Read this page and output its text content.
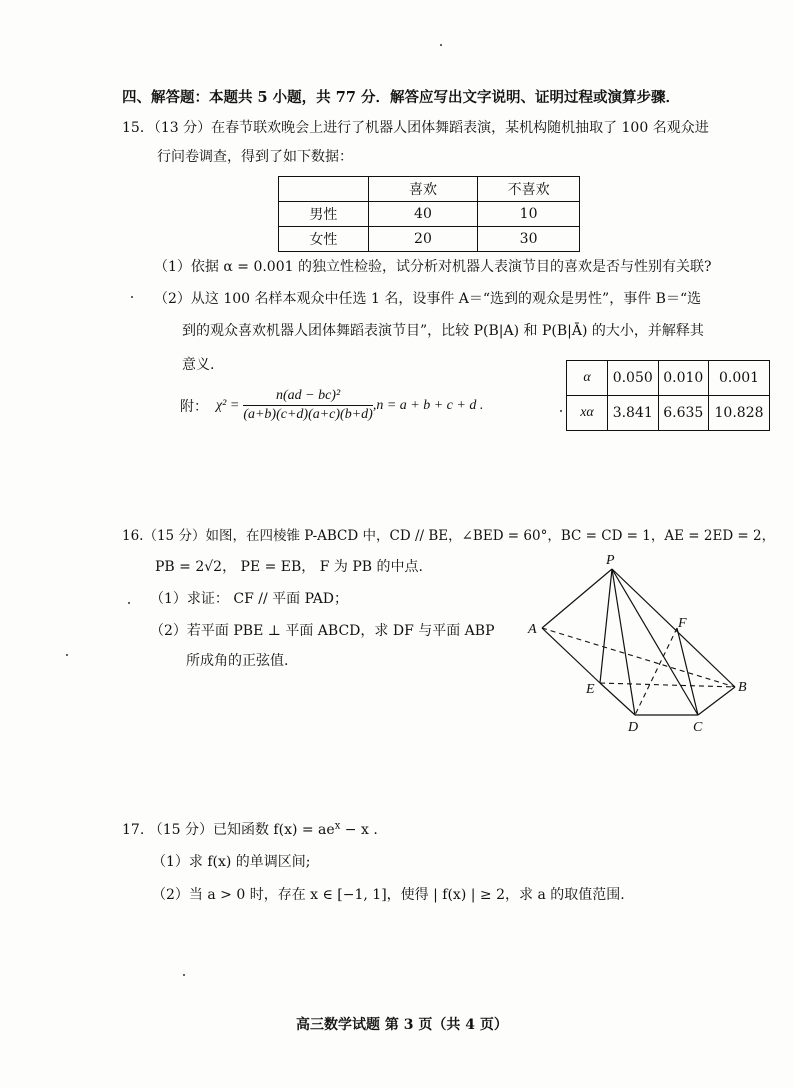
四、解答题：本题共 5 小题，共 77 分．解答应写出文字说明、证明过程或演算步骤．
15．（13 分）在春节联欢晚会上进行了机器人团体舞蹈表演，某机构随机抽取了 100 名观众进
行问卷调查，得到了如下数据：
	喜欢	不喜欢
男性	40	10
女性	20	30
（1）依据 α = 0.001 的独立性检验，试分析对机器人表演节目的喜欢是否与性别有关联?
（2）从这 100 名样本观众中任选 1 名，设事件 A＝“选到的观众是男性”，事件 B＝“选
到的观众喜欢机器人团体舞蹈表演节目”，比较 P(B|A) 和 P(B|Ā) 的大小，并解释其
意义.
附： $\chi^2 = \frac{\text{n(ad − bc)²}}{(a+b)(c+d)(a+c)(b+d)} ,n = a + b + c + d$ .
α	0.050	0.010	0.001
xα	3.841	6.635	10.828
16.（15 分）如图，在四棱锥 P-ABCD 中，CD // BE，∠BED = 60°，BC = CD = 1，AE = 2ED = 2，
PB = 2√2， PE = EB， F 为 PB 的中点.
（1）求证： CF // 平面 PAD；
（2）若平面 PBE ⊥ 平面 ABCD，求 DF 与平面 ABP
所成角的正弦值.
P
A
B
C
D
E
F
17. （15 分）已知函数 $f(x) = ae^x - x$ .
（1）求 f(x) 的单调区间;
（2）当 a > 0 时，存在 x ∈ [−1, 1]，使得 | f(x) | ≥ 2，求 a 的取值范围.
高三数学试题 第 3 页（共 4 页）
